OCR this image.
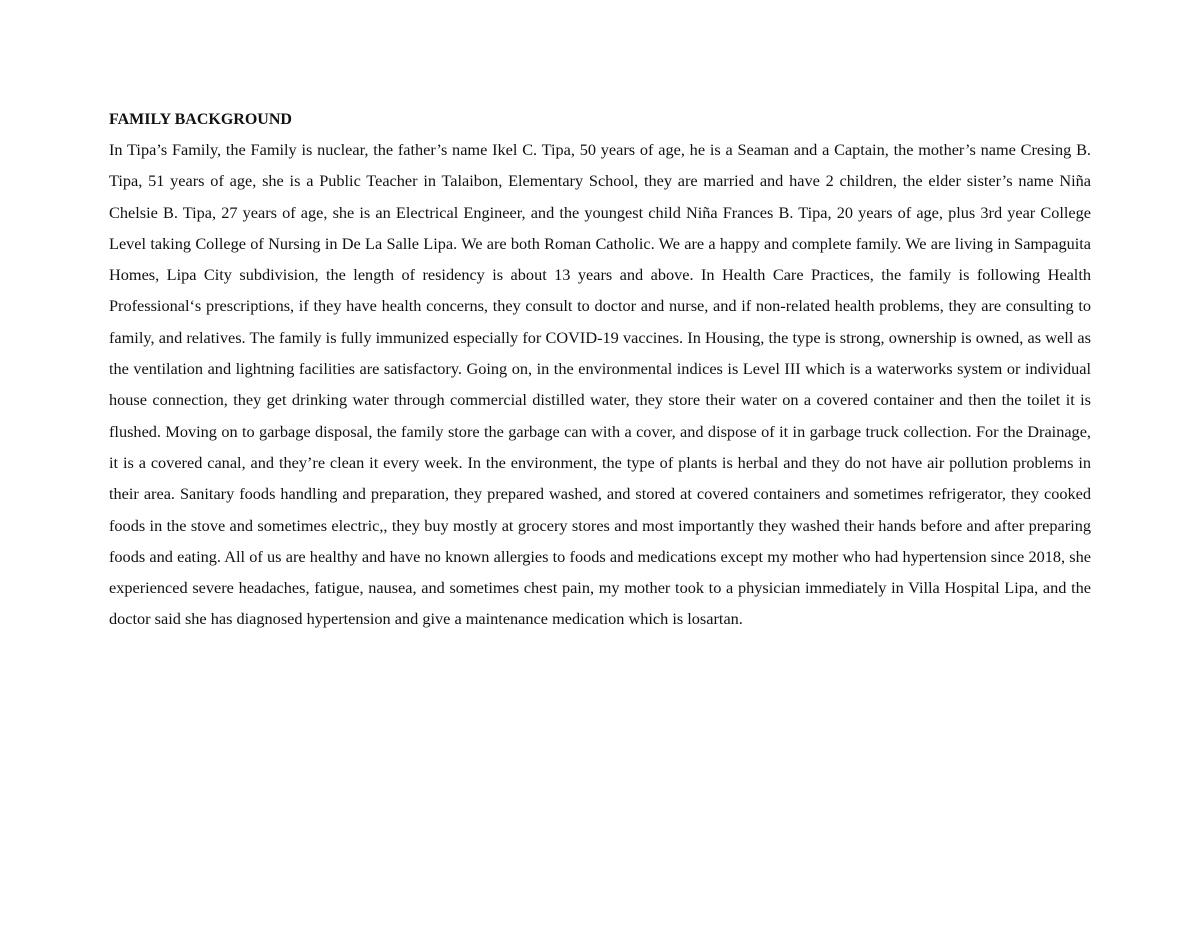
FAMILY BACKGROUND

In Tipa’s Family, the Family is nuclear, the father’s name Ikel C. Tipa, 50 years of age, he is a Seaman and a Captain, the mother’s name Cresing B. Tipa, 51 years of age, she is a Public Teacher in Talaibon, Elementary School, they are married and have 2 children, the elder sister’s name Niña Chelsie B. Tipa, 27 years of age, she is an Electrical Engineer, and the youngest child Niña Frances B. Tipa, 20 years of age, plus 3rd year College Level taking College of Nursing in De La Salle Lipa. We are both Roman Catholic. We are a happy and complete family. We are living in Sampaguita Homes, Lipa City subdivision, the length of residency is about 13 years and above. In Health Care Practices, the family is following Health Professional‘s prescriptions, if they have health concerns, they consult to doctor and nurse, and if non-related health problems, they are consulting to family, and relatives. The family is fully immunized especially for COVID-19 vaccines. In Housing, the type is strong, ownership is owned, as well as the ventilation and lightning facilities are satisfactory. Going on, in the environmental indices is Level III which is a waterworks system or individual house connection, they get drinking water through commercial distilled water, they store their water on a covered container and then the toilet it is flushed. Moving on to garbage disposal, the family store the garbage can with a cover, and dispose of it in garbage truck collection. For the Drainage, it is a covered canal, and they’re clean it every week. In the environment, the type of plants is herbal and they do not have air pollution problems in their area. Sanitary foods handling and preparation, they prepared washed, and stored at covered containers and sometimes refrigerator, they cooked foods in the stove and sometimes electric,, they buy mostly at grocery stores and most importantly they washed their hands before and after preparing foods and eating. All of us are healthy and have no known allergies to foods and medications except my mother who had hypertension since 2018, she experienced severe headaches, fatigue, nausea, and sometimes chest pain, my mother took to a physician immediately in Villa Hospital Lipa, and the doctor said she has diagnosed hypertension and give a maintenance medication which is losartan.
